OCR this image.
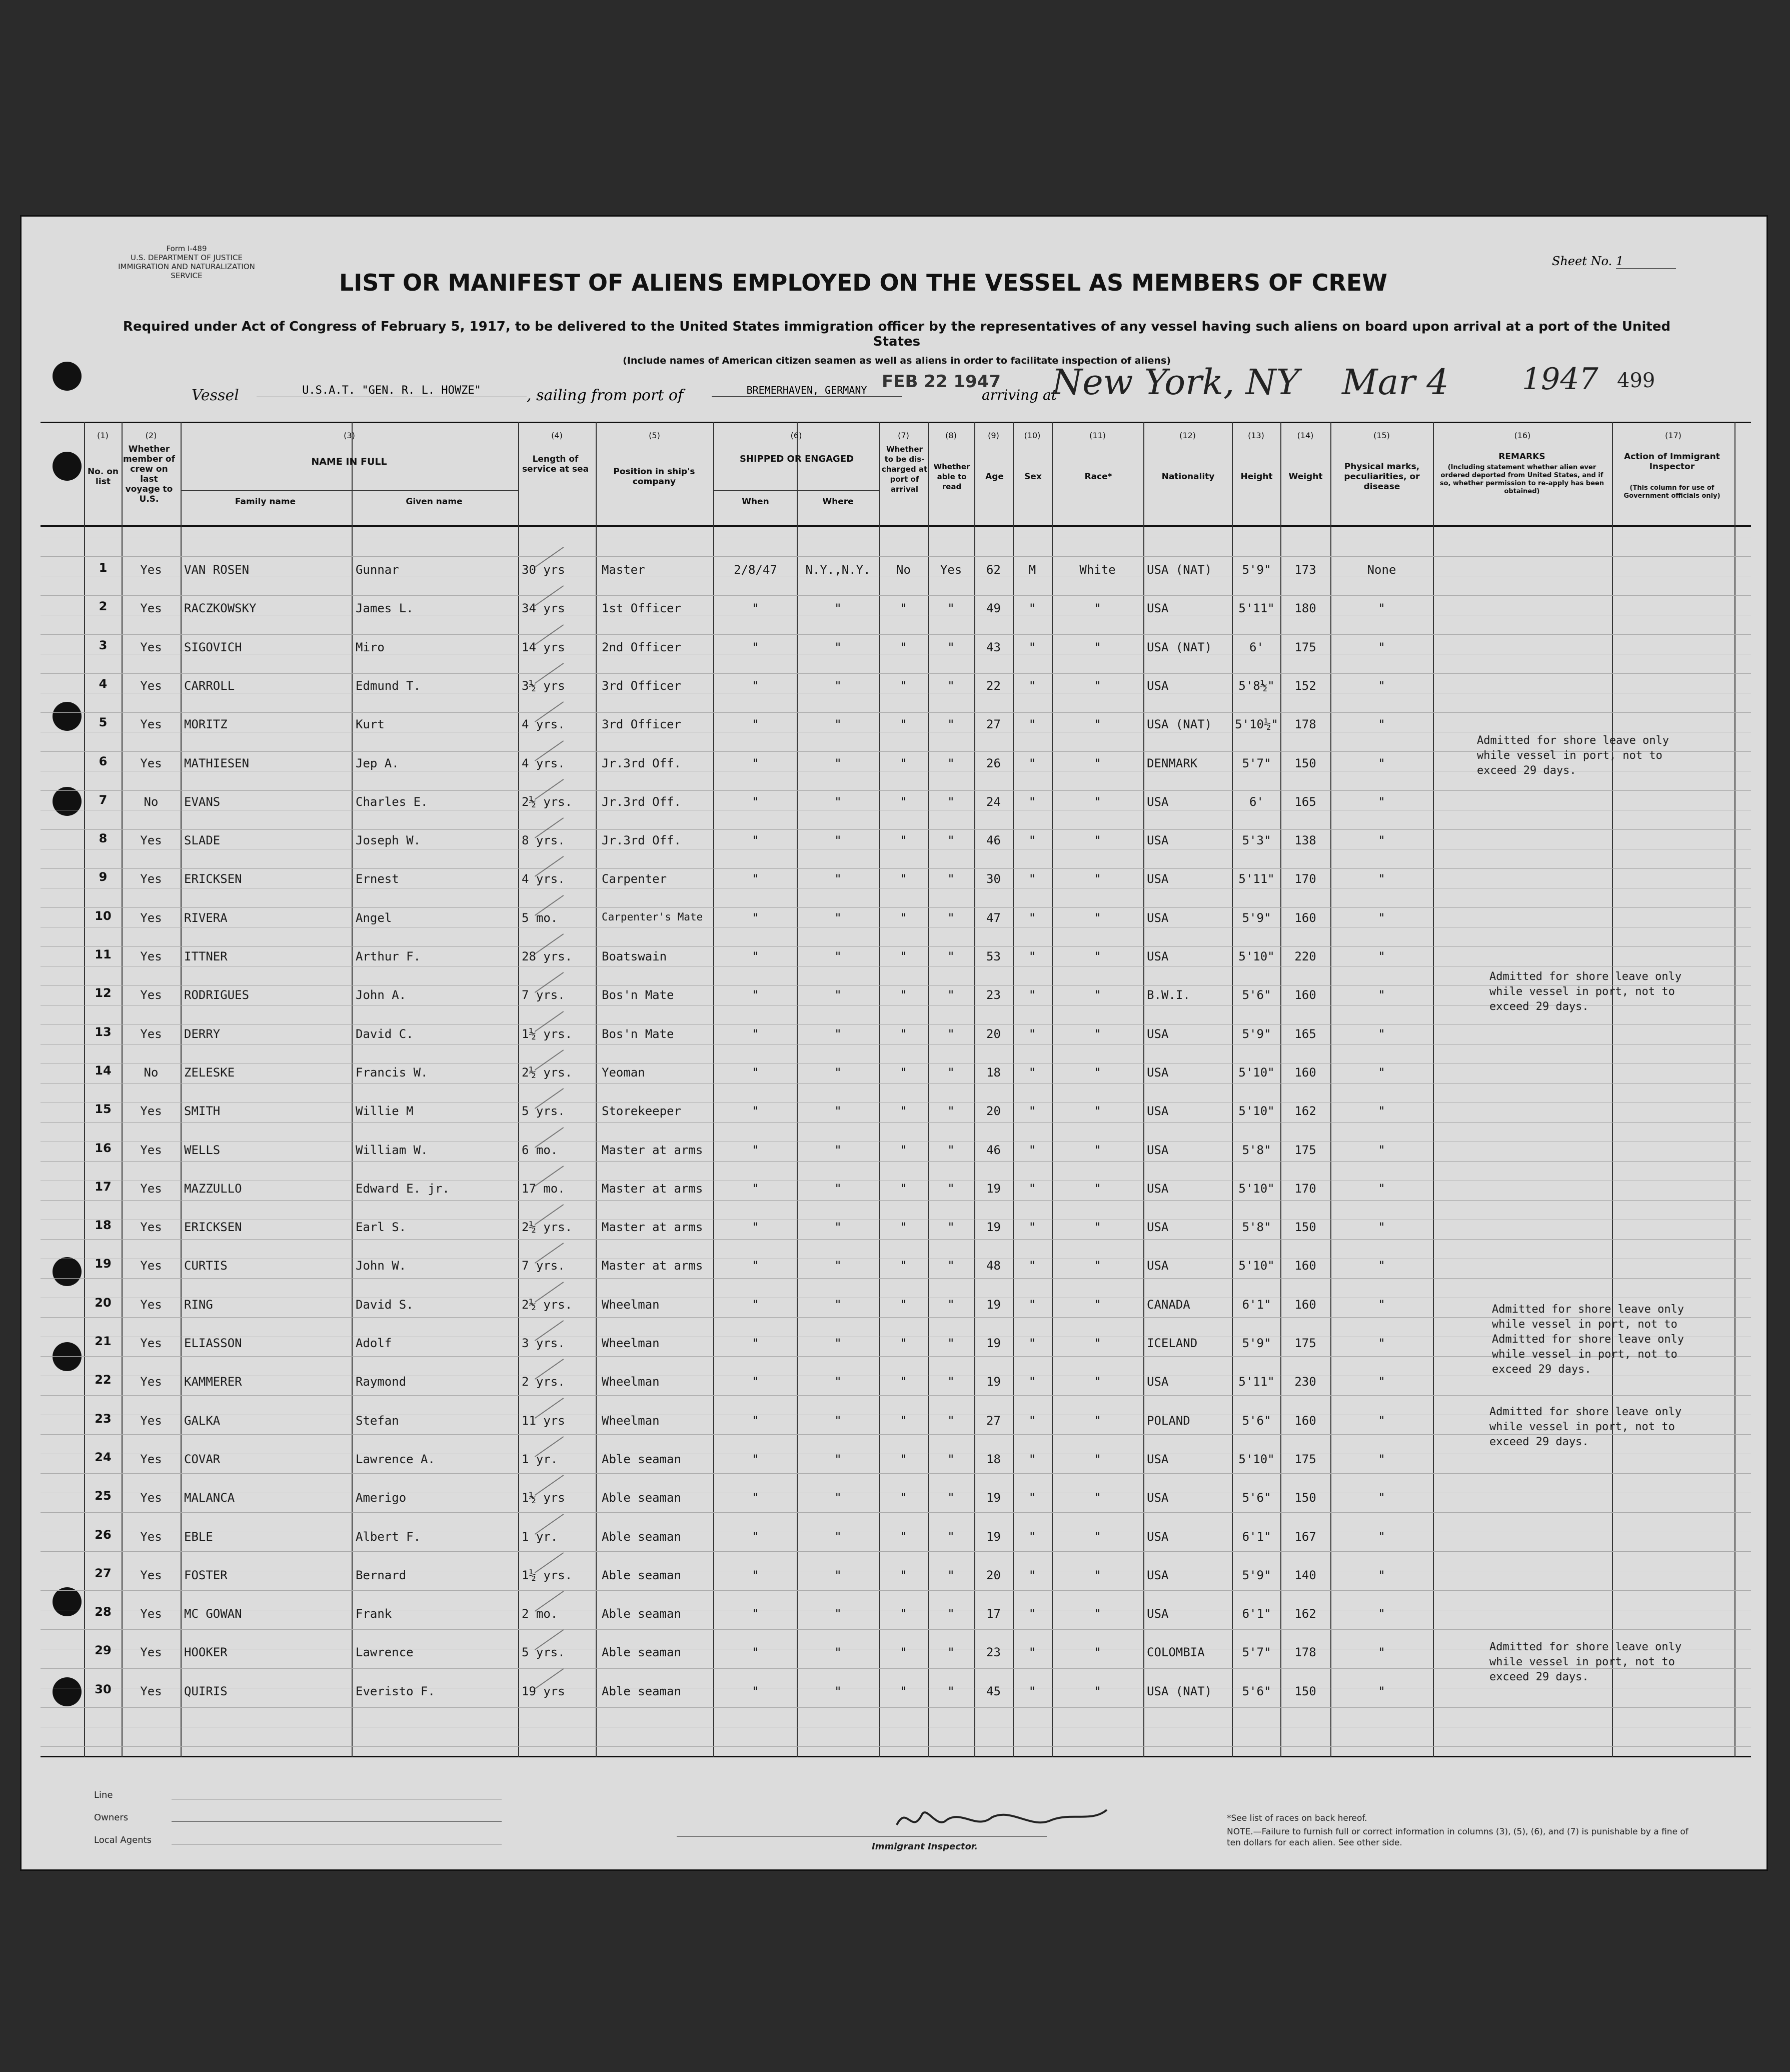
Form I-489
U.S. DEPARTMENT OF JUSTICE
IMMIGRATION AND NATURALIZATION SERVICE
Sheet No. 1
LIST OR MANIFEST OF ALIENS EMPLOYED ON THE VESSEL AS MEMBERS OF CREW
Required under Act of Congress of February 5, 1917, to be delivered to the United States immigration officer by the representatives of any vessel having such aliens on board upon arrival at a port of the United States
(Include names of American citizen seamen as well as aliens in order to facilitate inspection of aliens)
499
Vessel	U.S.A.T. "GEN. R. L. HOWZE"	, sailing from port of	BREMERHAVEN, GERMANY FEB 22 1947
arriving at
New York, NY Mar 4 1947
(1)	(2)	(3)	(4)	(5)	(6)	(7)	(8)	(9)	(10)	(11)	(12)	(13)	(14)	(15)	(16)	(17)
No. on list
Whether member of crew on last voyage to U.S.
NAME IN FULL
Family name	Given name
Length of service at sea	Position in ship's company
SHIPPED OR ENGAGED
When	Where
Whether to be dis-charged at port of arrival
Whether able to read
Age	Sex	Race*	Nationality	Height	Weight
Physical marks, peculiarities, or disease
REMARKS
(Including statement whether alien ever ordered deported from United States, and if so, whether permission to re-apply has been obtained)
Action of Immigrant Inspector
(This column for use of Government officials only)
1	Yes	VAN ROSEN	Gunnar	30 yrs	Master	2/8/47	N.Y.,N.Y.	No	Yes	62	M	White	USA (NAT)	5'9"	173	None
2	Yes	RACZKOWSKY	James L.	34 yrs	1st Officer	"	"	"	"	49	"	"	USA	5'11"	180	"
3	Yes	SIGOVICH	Miro	14 yrs	2nd Officer	"	"	"	"	43	"	"	USA (NAT)	6'	175	"
4	Yes	CARROLL	Edmund T.	3½ yrs	3rd Officer	"	"	"	"	22	"	"	USA	5'8½"	152	"
5	Yes	MORITZ	Kurt	4 yrs.	3rd Officer	"	"	"	"	27	"	"	USA (NAT)	5'10½"	178	"
6	Yes	MATHIESEN	Jep A.	4 yrs.	Jr.3rd Off.	"	"	"	"	26	"	"	DENMARK	5'7"	150	"
7	No	EVANS	Charles E.	2½ yrs.	Jr.3rd Off.	"	"	"	"	24	"	"	USA	6'	165	"
8	Yes	SLADE	Joseph W.	8 yrs.	Jr.3rd Off.	"	"	"	"	46	"	"	USA	5'3"	138	"
9	Yes	ERICKSEN	Ernest	4 yrs.	Carpenter	"	"	"	"	30	"	"	USA	5'11"	170	"
10	Yes	RIVERA	Angel	5 mo.	Carpenter's Mate	"	"	"	"	47	"	"	USA	5'9"	160	"
11	Yes	ITTNER	Arthur F.	28 yrs.	Boatswain	"	"	"	"	53	"	"	USA	5'10"	220	"
12	Yes	RODRIGUES	John A.	7 yrs.	Bos'n Mate	"	"	"	"	23	"	"	B.W.I.	5'6"	160	"
13	Yes	DERRY	David C.	1½ yrs.	Bos'n Mate	"	"	"	"	20	"	"	USA	5'9"	165	"
14	No	ZELESKE	Francis W.	2½ yrs.	Yeoman	"	"	"	"	18	"	"	USA	5'10"	160	"
15	Yes	SMITH	Willie M	5 yrs.	Storekeeper	"	"	"	"	20	"	"	USA	5'10"	162	"
16	Yes	WELLS	William W.	6 mo.	Master at arms	"	"	"	"	46	"	"	USA	5'8"	175	"
17	Yes	MAZZULLO	Edward E. jr.	17 mo.	Master at arms	"	"	"	"	19	"	"	USA	5'10"	170	"
18	Yes	ERICKSEN	Earl S.	2½ yrs.	Master at arms	"	"	"	"	19	"	"	USA	5'8"	150	"
19	Yes	CURTIS	John W.	7 yrs.	Master at arms	"	"	"	"	48	"	"	USA	5'10"	160	"
20	Yes	RING	David S.	2½ yrs.	Wheelman	"	"	"	"	19	"	"	CANADA	6'1"	160	"
21	Yes	ELIASSON	Adolf	3 yrs.	Wheelman	"	"	"	"	19	"	"	ICELAND	5'9"	175	"
22	Yes	KAMMERER	Raymond	2 yrs.	Wheelman	"	"	"	"	19	"	"	USA	5'11"	230	"
23	Yes	GALKA	Stefan	11 yrs	Wheelman	"	"	"	"	27	"	"	POLAND	5'6"	160	"
24	Yes	COVAR	Lawrence A.	1 yr.	Able seaman	"	"	"	"	18	"	"	USA	5'10"	175	"
25	Yes	MALANCA	Amerigo	1½ yrs	Able seaman	"	"	"	"	19	"	"	USA	5'6"	150	"
26	Yes	EBLE	Albert F.	1 yr.	Able seaman	"	"	"	"	19	"	"	USA	6'1"	167	"
27	Yes	FOSTER	Bernard	1½ yrs.	Able seaman	"	"	"	"	20	"	"	USA	5'9"	140	"
28	Yes	MC GOWAN	Frank	2 mo.	Able seaman	"	"	"	"	17	"	"	USA	6'1"	162	"
29	Yes	HOOKER	Lawrence	5 yrs.	Able seaman	"	"	"	"	23	"	"	COLOMBIA	5'7"	178	"
30	Yes	QUIRIS	Everisto F.	19 yrs	Able seaman	"	"	"	"	45	"	"	USA (NAT)	5'6"	150	"
Admitted for shore leave only
while vessel in port, not to
exceed 29 days.
Admitted for shore leave only
while vessel in port, not to
exceed 29 days.
Admitted for shore leave only
while vessel in port, not to
Admitted for shore leave only
while vessel in port, not to
exceed 29 days.
Admitted for shore leave only
while vessel in port, not to
exceed 29 days.
Admitted for shore leave only
while vessel in port, not to
exceed 29 days.
Line
Owners
Local Agents
Immigrant Inspector.
*See list of races on back hereof.
NOTE.—Failure to furnish full or correct information in columns (3), (5), (6), and (7) is punishable by a fine of ten dollars for each alien. See other side.
